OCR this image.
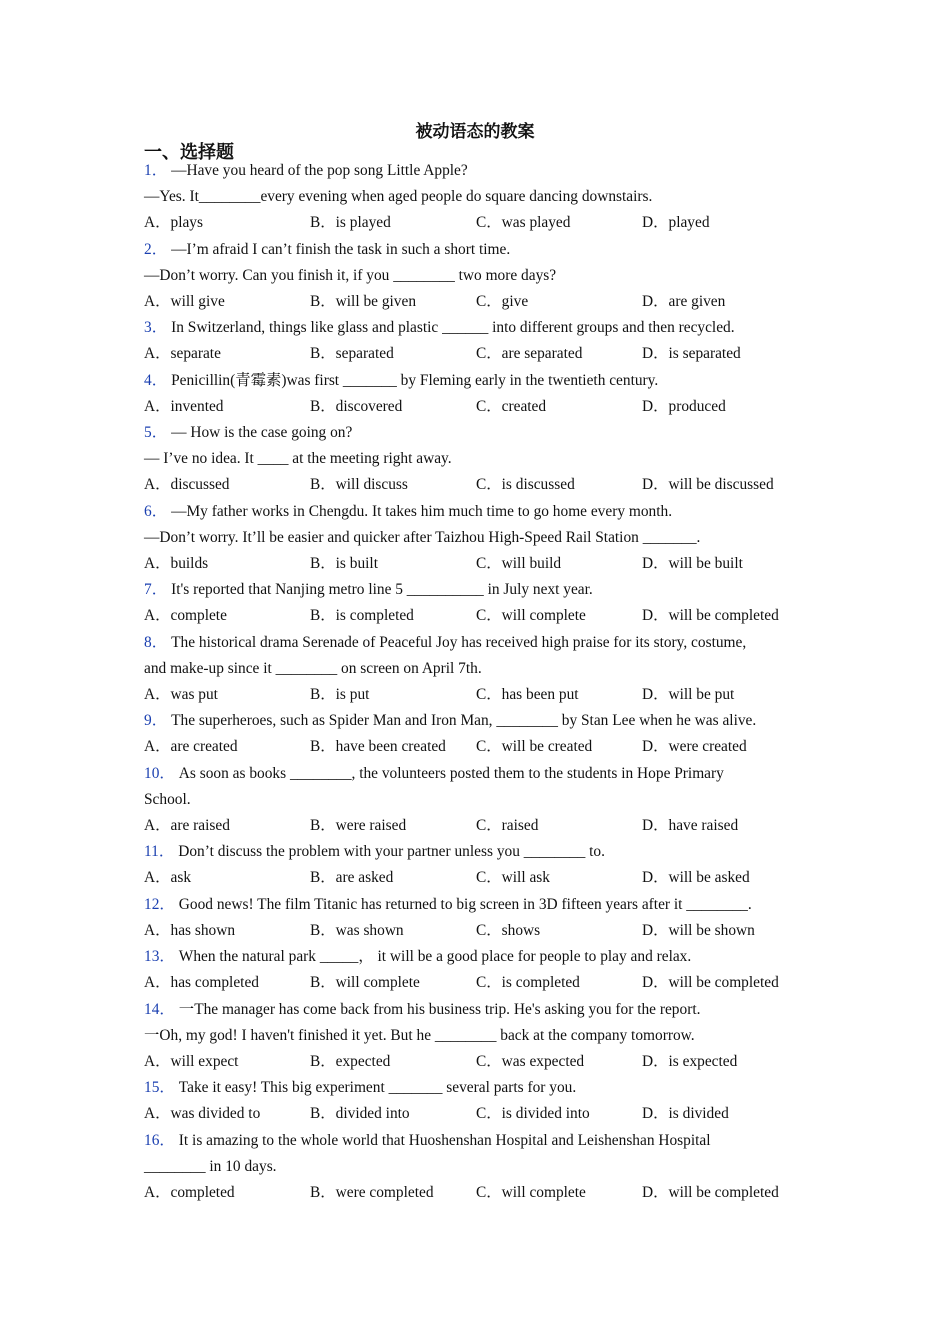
被动语态的教案
一、选择题
1． —Have you heard of the pop song Little Apple?
—Yes. It________every evening when aged people do square dancing downstairs.
A．plays	B．is played	C．was played	D．played
2． —I’m afraid I can’t finish the task in such a short time.
—Don’t worry. Can you finish it, if you ________ two more days?
A．will give	B．will be given	C．give	D．are given
3． In Switzerland, things like glass and plastic ______ into different groups and then recycled.
A．separate	B．separated	C．are separated	D．is separated
4． Penicillin(青霉素)was first _______ by Fleming early in the twentieth century.
A．invented	B．discovered	C．created	D．produced
5． — How is the case going on?
— I’ve no idea. It ____ at the meeting right away.
A．discussed	B．will discuss	C．is discussed	D．will be discussed
6． —My father works in Chengdu. It takes him much time to go home every month.
—Don’t worry. It’ll be easier and quicker after Taizhou High-Speed Rail Station _______.
A．builds	B．is built	C．will build	D．will be built
7． It's reported that Nanjing metro line 5 __________ in July next year.
A．complete	B．is completed	C．will complete	D．will be completed
8． The historical drama Serenade of Peaceful Joy has received high praise for its story, costume,
and make-up since it ________ on screen on April 7th.
A．was put	B．is put	C．has been put	D．will be put
9． The superheroes, such as Spider Man and Iron Man, ________ by Stan Lee when he was alive.
A．are created	B．have been created	C．will be created	D．were created
10． As soon as books ________, the volunteers posted them to the students in Hope Primary
School.
A．are raised	B．were raised	C．raised	D．have raised
11． Don’t discuss the problem with your partner unless you ________ to.
A．ask	B．are asked	C．will ask	D．will be asked
12． Good news! The film Titanic has returned to big screen in 3D fifteen years after it ________.
A．has shown	B．was shown	C．shows	D．will be shown
13． When the natural park _____， it will be a good place for people to play and relax.
A．has completed	B．will complete	C．is completed	D．will be completed
14． 一The manager has come back from his business trip. He's asking you for the report.
一Oh, my god! I haven't finished it yet. But he ________ back at the company tomorrow.
A．will expect	B．expected	C．was expected	D．is expected
15． Take it easy! This big experiment _______ several parts for you.
A．was divided to	B．divided into	C．is divided into	D．is divided
16． It is amazing to the whole world that Huoshenshan Hospital and Leishenshan Hospital
________ in 10 days.
A．completed	B．were completed	C．will complete	D．will be completed
